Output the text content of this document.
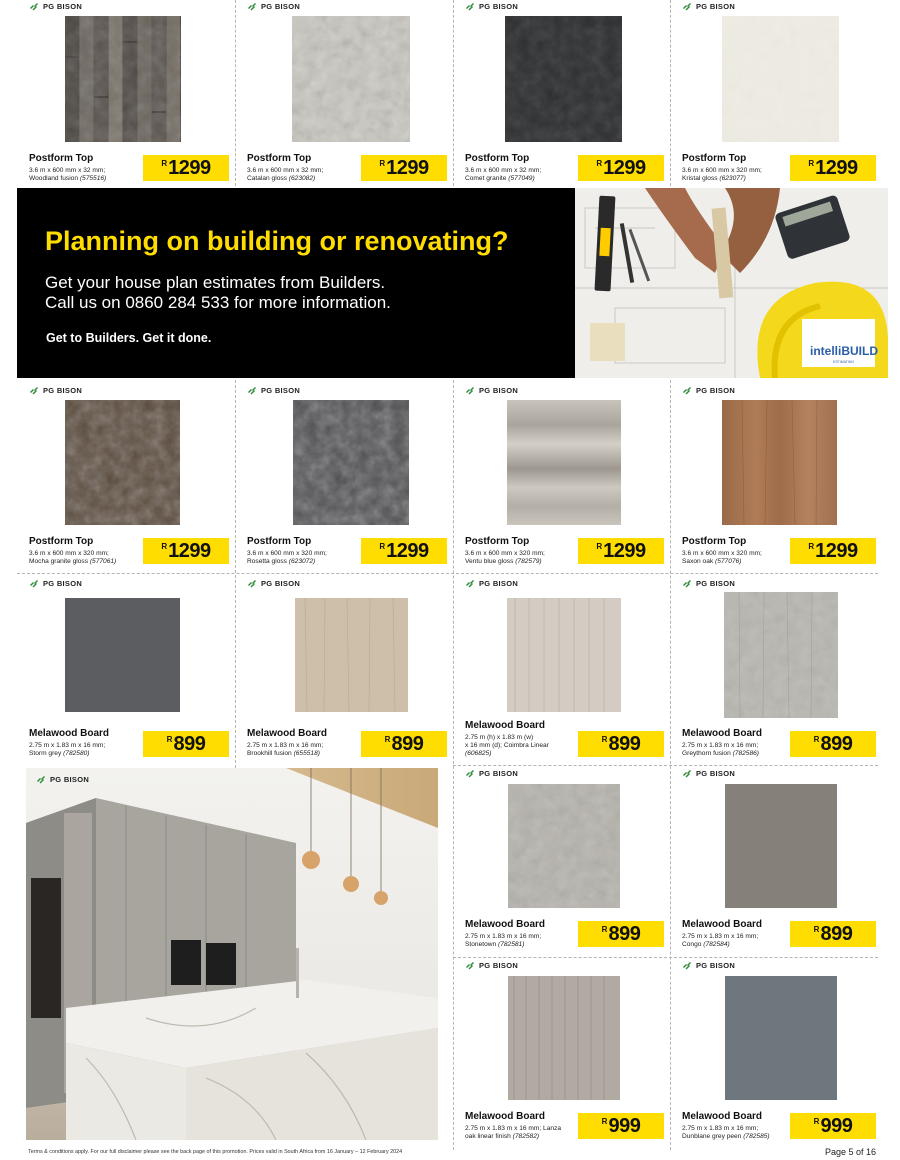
PG BISON
Postform Top
3.6 m x 600 mm x 32 mm;
Woodland fusion (575516)
R 1299
PG BISON
Postform Top
3.6 m x 600 mm x 32 mm;
Catalan gloss (623082)
R 1299
PG BISON
Postform Top
3.6 m x 600 mm x 32 mm;
Comet granite (577049)
R 1299
PG BISON
Postform Top
3.6 m x 600 mm x 320 mm;
Kristal gloss (623077)
R 1299
Planning on building or renovating?
Get your house plan estimates from Builders.
Call us on 0860 284 533 for more information.
Get to Builders. Get it done.
intelliBUILD
ESTIMATING
PG BISON
Postform Top
3.6 m x 600 mm x 320 mm;
Mocha granite gloss (577061)
R 1299
PG BISON
Postform Top
3.6 m x 600 mm x 320 mm;
Rosetta gloss (623072)
R 1299
PG BISON
Postform Top
3.6 m x 600 mm x 320 mm;
Ventu blue gloss (782579)
R 1299
PG BISON
Postform Top
3.6 m x 600 mm x 320 mm;
Saxon oak (577076)
R 1299
PG BISON
Melawood Board
2.75 m x 1.83 m x 16 mm;
Storm grey (782580)
R 899
PG BISON
Melawood Board
2.75 m x 1.83 m x 16 mm;
Brookhill fusion (655518)
R 899
PG BISON
Melawood Board
2.75 m (h) x 1.83 m (w)
x 16 mm (d); Coimbra Linear
(606825)
R 899
PG BISON
Melawood Board
2.75 m x 1.83 m x 16 mm;
Greythorn fusion (782586)
R 899
PG BISON
PG BISON
Melawood Board
2.75 m x 1.83 m x 16 mm;
Stonetown (782581)
R 899
PG BISON
Melawood Board
2.75 m x 1.83 m x 16 mm;
Congo (782584)
R 899
PG BISON
Melawood Board
2.75 m x 1.83 m x 16 mm; Lanza
oak linear finish (782582)
R 999
PG BISON
Melawood Board
2.75 m x 1.83 m x 16 mm;
Dunblane grey peen (782585)
R 999
Terms & conditions apply. For our full disclaimer please see the back page of this promotion. Prices valid in South Africa from 16 January – 12 February 2024	Page 5 of 16
